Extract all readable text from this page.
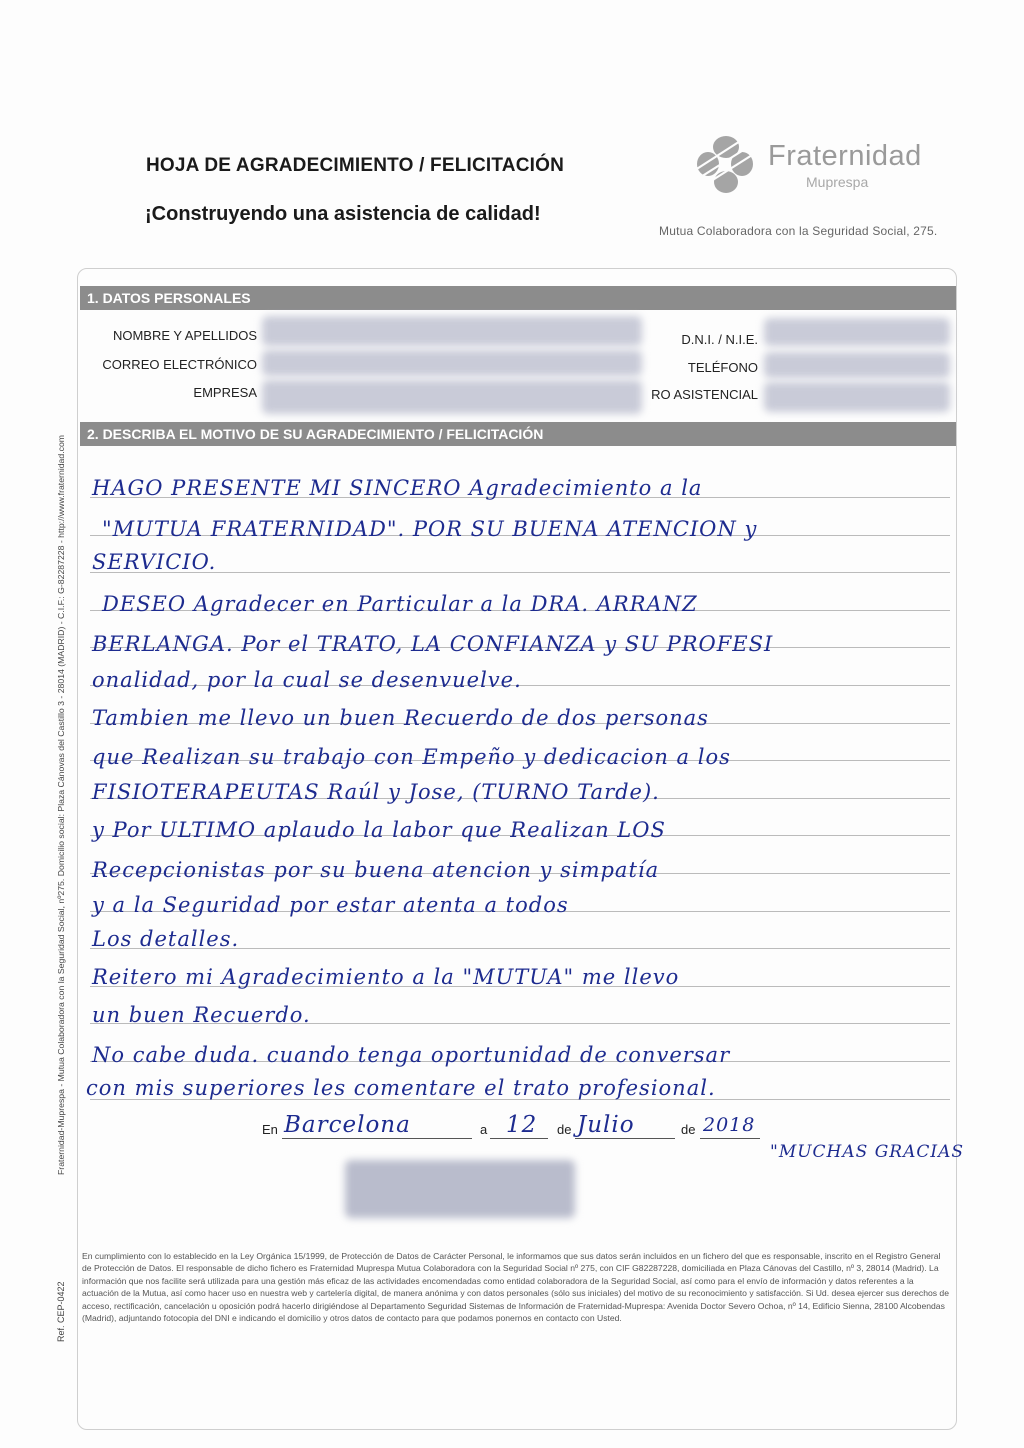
HOJA DE AGRADECIMIENTO / FELICITACIÓN
¡Construyendo una asistencia de calidad!
Fraternidad
Muprespa
Mutua Colaboradora con la Seguridad Social, 275.
1. DATOS PERSONALES
NOMBRE Y APELLIDOS
CORREO ELECTRÓNICO
EMPRESA
D.N.I. / N.I.E.
TELÉFONO
RO ASISTENCIAL
2. DESCRIBA EL MOTIVO DE SU AGRADECIMIENTO / FELICITACIÓN
HAGO PRESENTE MI SINCERO Agradecimiento a la
"MUTUA FRATERNIDAD". POR SU BUENA ATENCION y
SERVICIO.
DESEO Agradecer en Particular a la DRA. ARRANZ
BERLANGA. Por el TRATO, LA CONFIANZA y SU PROFESI
onalidad, por la cual se desenvuelve.
Tambien me llevo un buen Recuerdo de dos personas
que Realizan su trabajo con Empeño y dedicacion a los
FISIOTERAPEUTAS Raúl y Jose, (TURNO Tarde).
y Por ULTIMO aplaudo la labor que Realizan LOS
Recepcionistas por su buena atencion y simpatía
y a la Seguridad por estar atenta a todos
Los detalles.
Reitero mi Agradecimiento a la "MUTUA" me llevo
un buen Recuerdo.
No cabe duda. cuando tenga oportunidad de conversar
con mis superiores les comentare el trato profesional.
En Barcelona	a 12 de Julio	de 2018
"MUCHAS GRACIAS
Fraternidad-Muprespa - Mutua Colaboradora con la Seguridad Social, nº275. Domicilio social: Plaza Cánovas del Castillo 3 - 28014 (MADRID) - C.I.F.: G-82287228 - http://www.fraternidad.com
Ref. CEP-0422
En cumplimiento con lo establecido en la Ley Orgánica 15/1999, de Protección de Datos de Carácter Personal, le informamos que sus datos serán incluidos en un fichero del que es responsable, inscrito en el Registro General de Protección de Datos. El responsable de dicho fichero es Fraternidad Muprespa Mutua Colaboradora con la Seguridad Social nº 275, con CIF G82287228, domiciliada en Plaza Cánovas del Castillo, nº 3, 28014 (Madrid). La información que nos facilite será utilizada para una gestión más eficaz de las actividades encomendadas como entidad colaboradora de la Seguridad Social, así como para el envío de información y datos referentes a la actuación de la Mutua, así como hacer uso en nuestra web y cartelería digital, de manera anónima y con datos personales (sólo sus iniciales) del motivo de su reconocimiento y satisfacción. Si Ud. desea ejercer sus derechos de acceso, rectificación, cancelación u oposición podrá hacerlo dirigiéndose al Departamento Seguridad Sistemas de Información de Fraternidad-Muprespa: Avenida Doctor Severo Ochoa, nº 14, Edificio Sienna, 28100 Alcobendas (Madrid), adjuntando fotocopia del DNI e indicando el domicilio y otros datos de contacto para que podamos ponernos en contacto con Usted.
